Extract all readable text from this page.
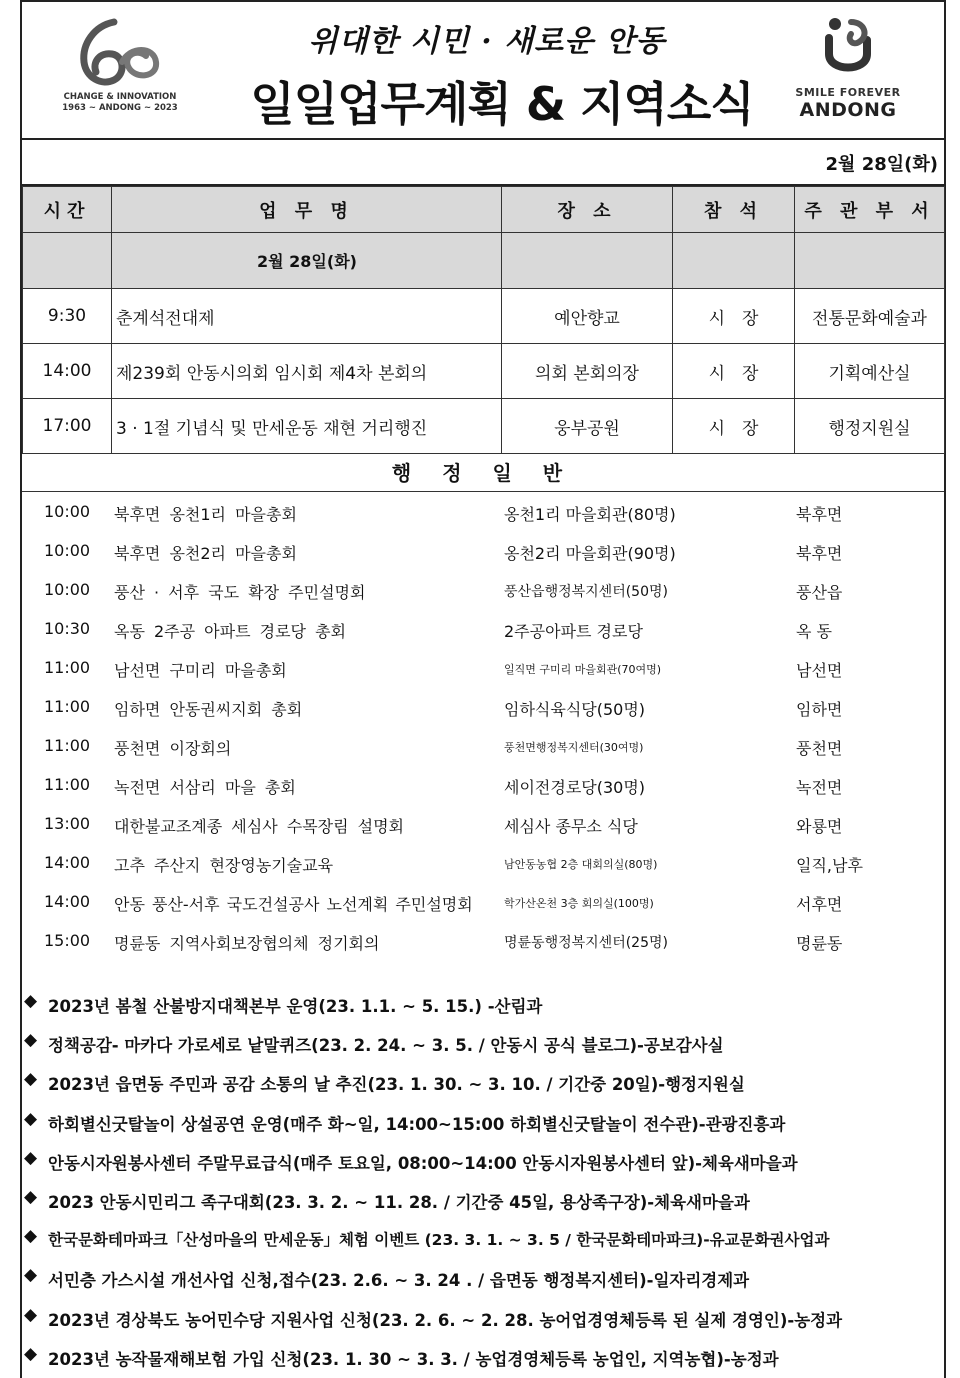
CHANGE & INNOVATION
1963 ~ ANDONG ~ 2023
위대한 시민 · 새로운 안동
일일업무계획 & 지역소식	SMILE FOREVER
ANDONG
2월 28일(화)
시간	업 무 명	장 소	참 석	주 관 부 서
	2월 28일(화)			
9:30	춘계석전대제	예안향교	시　장	전통문화예술과
14:00	제239회 안동시의회 임시회 제4차 본회의	의회 본회의장	시　장	기획예산실
17:00	3 · 1절 기념식 및 만세운동 재현 거리행진	웅부공원	시　장	행정지원실
행 정 일 반
10:00	북후면 옹천1리 마을총회	옹천1리 마을회관(80명)	북후면
10:00	북후면 옹천2리 마을총회	옹천2리 마을회관(90명)	북후면
10:00	풍산 · 서후 국도 확장 주민설명회	풍산읍행정복지센터(50명)	풍산읍
10:30	옥동 2주공 아파트 경로당 총회	2주공아파트 경로당	옥 동
11:00	남선면 구미리 마을총회	일직면 구미리 마을회관(70여명)	남선면
11:00	임하면 안동권씨지회 총회	임하식육식당(50명)	임하면
11:00	풍천면 이장회의	풍천면행정복지센터(30여명)	풍천면
11:00	녹전면 서삼리 마을 총회	세이전경로당(30명)	녹전면
13:00	대한불교조계종 세심사 수목장림 설명회	세심사 종무소 식당	와룡면
14:00	고추 주산지 현장영농기술교육	남안동농협 2층 대회의실(80명)	일직,남후
14:00	안동 풍산-서후 국도건설공사 노선계획 주민설명회	학가산온천 3층 회의실(100명)	서후면
15:00	명륜동 지역사회보장협의체 정기회의	명륜동행정복지센터(25명)	명륜동
◆ 2023년 봄철 산불방지대책본부 운영(23. 1.1. ~ 5. 15.) -산림과
◆ 정책공감- 마카다 가로세로 낱말퀴즈(23. 2. 24. ~ 3. 5. / 안동시 공식 블로그)-공보감사실
◆ 2023년 읍면동 주민과 공감 소통의 날 추진(23. 1. 30. ~ 3. 10. / 기간중 20일)-행정지원실
◆ 하회별신굿탈놀이 상설공연 운영(매주 화~일, 14:00~15:00 하회별신굿탈놀이 전수관)-관광진흥과
◆ 안동시자원봉사센터 주말무료급식(매주 토요일, 08:00~14:00 안동시자원봉사센터 앞)-체육새마을과
◆ 2023 안동시민리그 족구대회(23. 3. 2. ~ 11. 28. / 기간중 45일, 용상족구장)-체육새마을과
◆ 한국문화테마파크「산성마을의 만세운동」체험 이벤트 (23. 3. 1. ~ 3. 5 / 한국문화테마파크)-유교문화권사업과
◆ 서민층 가스시설 개선사업 신청,접수(23. 2.6. ~ 3. 24 . / 읍면동 행정복지센터)-일자리경제과
◆ 2023년 경상북도 농어민수당 지원사업 신청(23. 2. 6. ~ 2. 28. 농어업경영체등록 된 실제 경영인)-농정과
◆ 2023년 농작물재해보험 가입 신청(23. 1. 30 ~ 3. 3. / 농업경영체등록 농업인, 지역농협)-농정과
